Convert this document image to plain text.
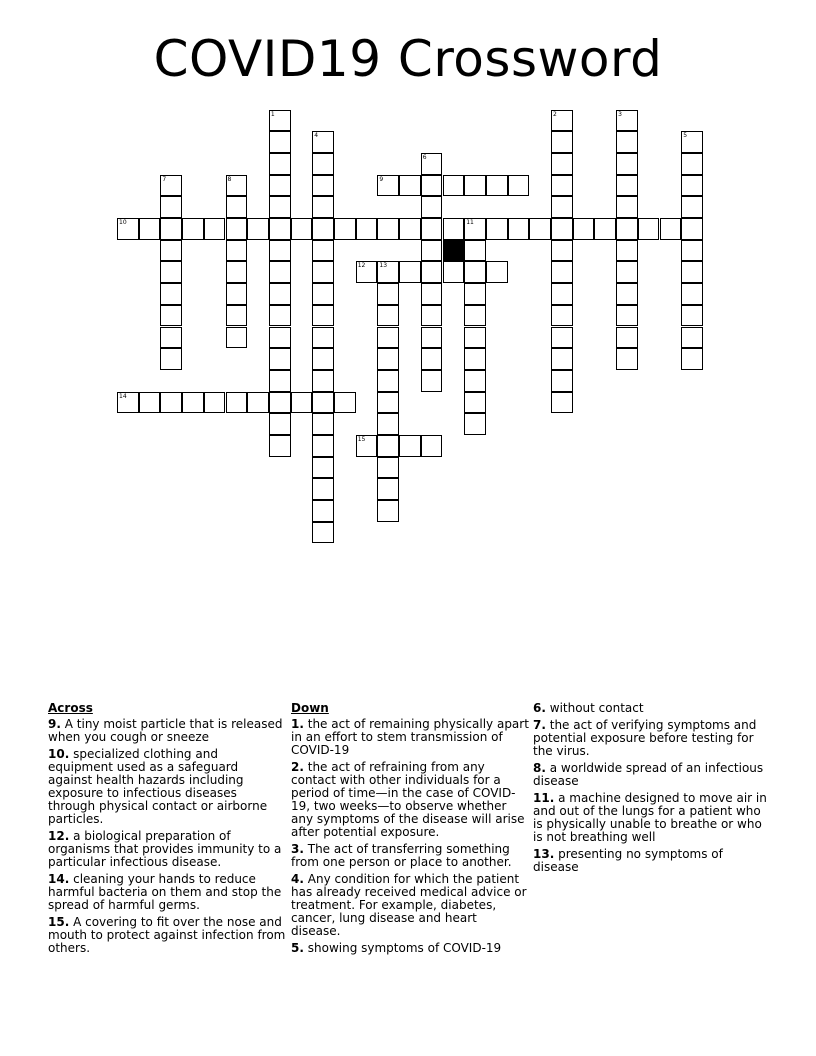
COVID19 Crossword
1	2	3
4	5
6
7	8	9
10	11
12 13
14
15
Across
9. A tiny moist particle that is released when you cough or sneeze
10. specialized clothing and equipment used as a safeguard against health hazards including exposure to infectious diseases through physical contact or airborne particles.
12. a biological preparation of organisms that provides immunity to a particular infectious disease.
14. cleaning your hands to reduce harmful bacteria on them and stop the spread of harmful germs.
15. A covering to fit over the nose and mouth to protect against infection from others.
Down
1. the act of remaining physically apart in an effort to stem transmission of COVID-19
2. the act of refraining from any contact with other individuals for a period of time—in the case of COVID-19, two weeks—to observe whether any symptoms of the disease will arise after potential exposure.
3. The act of transferring something from one person or place to another.
4. Any condition for which the patient has already received medical advice or treatment. For example, diabetes, cancer, lung disease and heart disease.
5. showing symptoms of COVID-19
6. without contact
7. the act of verifying symptoms and potential exposure before testing for the virus.
8. a worldwide spread of an infectious disease
11. a machine designed to move air in and out of the lungs for a patient who is physically unable to breathe or who is not breathing well
13. presenting no symptoms of disease
